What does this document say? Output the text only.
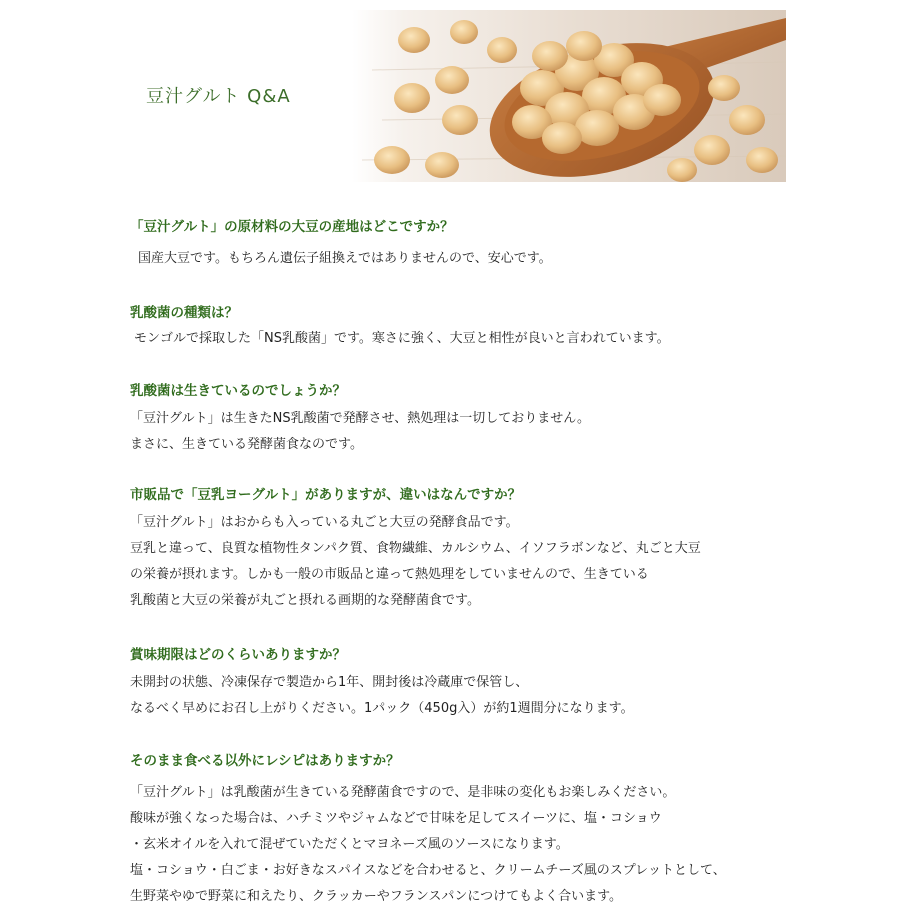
豆汁グルト Q&A
「豆汁グルト」の原材料の大豆の産地はどこですか？
国産大豆です。もちろん遺伝子組換えではありませんので、安心です。
乳酸菌の種類は？
モンゴルで採取した「NS乳酸菌」です。寒さに強く、大豆と相性が良いと言われています。
乳酸菌は生きているのでしょうか？
「豆汁グルト」は生きたNS乳酸菌で発酵させ、熱処理は一切しておりません。
まさに、生きている発酵菌食なのです。
市販品で「豆乳ヨーグルト」がありますが、違いはなんですか？
「豆汁グルト」はおからも入っている丸ごと大豆の発酵食品です。
豆乳と違って、良質な植物性タンパク質、食物繊維、カルシウム、イソフラボンなど、丸ごと大豆
の栄養が摂れます。しかも一般の市販品と違って熱処理をしていませんので、生きている
乳酸菌と大豆の栄養が丸ごと摂れる画期的な発酵菌食です。
賞味期限はどのくらいありますか？
未開封の状態、冷凍保存で製造から1年、開封後は冷蔵庫で保管し、
なるべく早めにお召し上がりください。1パック（450g入）が約1週間分になります。
そのまま食べる以外にレシピはありますか？
「豆汁グルト」は乳酸菌が生きている発酵菌食ですので、是非味の変化もお楽しみください。
酸味が強くなった場合は、ハチミツやジャムなどで甘味を足してスイーツに、塩・コショウ
・玄米オイルを入れて混ぜていただくとマヨネーズ風のソースになります。
塩・コショウ・白ごま・お好きなスパイスなどを合わせると、クリームチーズ風のスプレットとして、
生野菜やゆで野菜に和えたり、クラッカーやフランスパンにつけてもよく合います。
